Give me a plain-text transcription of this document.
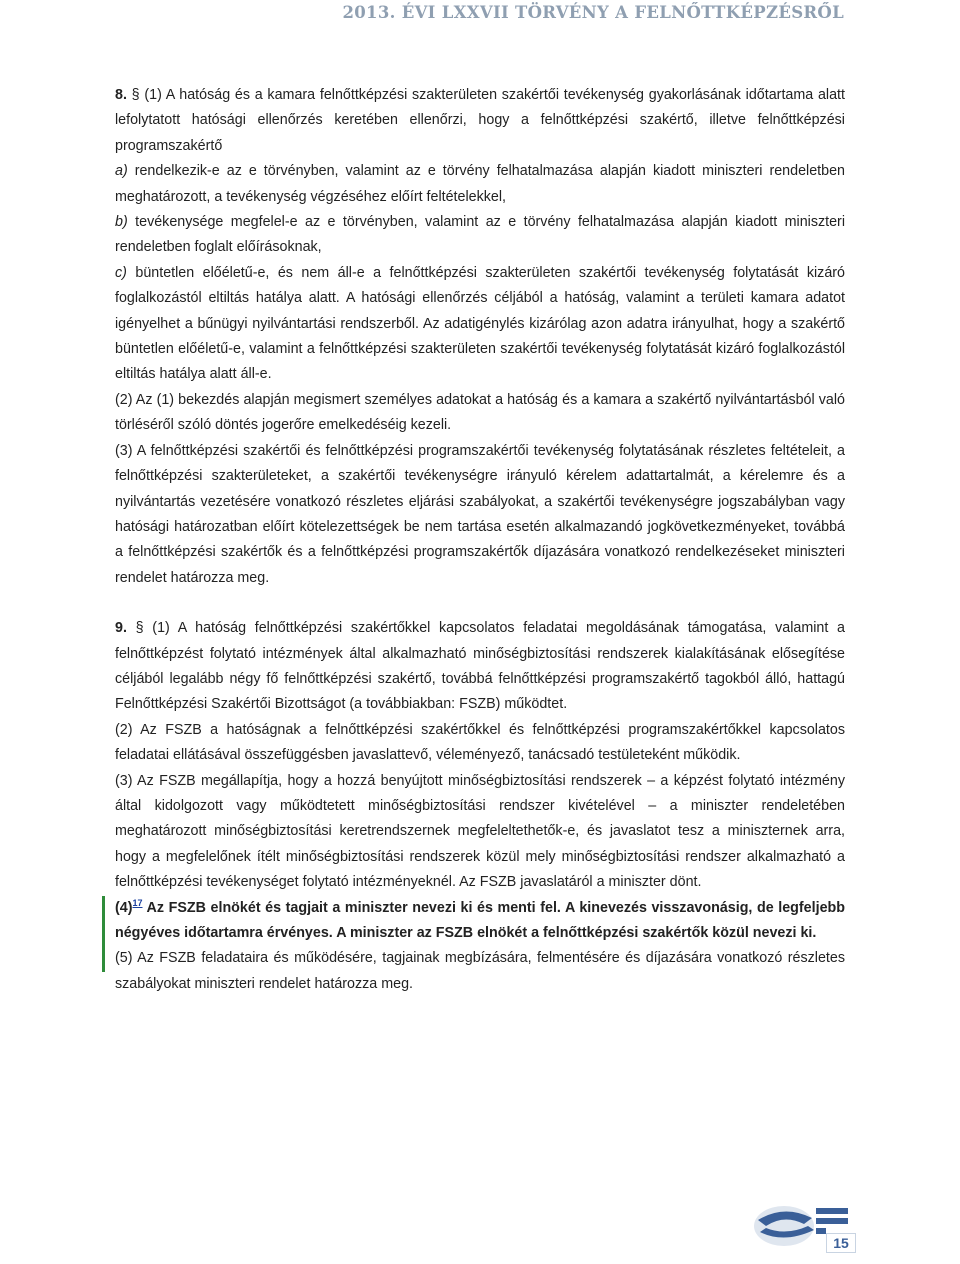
2013. ÉVI LXXVII TÖRVÉNY A FELNŐTTKÉPZÉSRŐL

8. § (1) A hatóság és a kamara felnőttképzési szakterületen szakértői tevékenység gyakorlásának időtartama alatt lefolytatott hatósági ellenőrzés keretében ellenőrzi, hogy a felnőttképzési szakértő, illetve felnőttképzési programszakértő

a) rendelkezik-e az e törvényben, valamint az e törvény felhatalmazása alapján kiadott miniszteri rendeletben meghatározott, a tevékenység végzéséhez előírt feltételekkel,

b) tevékenysége megfelel-e az e törvényben, valamint az e törvény felhatalmazása alapján kiadott miniszteri rendeletben foglalt előírásoknak,

c) büntetlen előéletű-e, és nem áll-e a felnőttképzési szakterületen szakértői tevékenység folytatását kizáró foglalkozástól eltiltás hatálya alatt. A hatósági ellenőrzés céljából a hatóság, valamint a területi kamara adatot igényelhet a bűnügyi nyilvántartási rendszerből. Az adatigénylés kizárólag azon adatra irányulhat, hogy a szakértő büntetlen előéletű-e, valamint a felnőttképzési szakterületen szakértői tevékenység folytatását kizáró foglalkozástól eltiltás hatálya alatt áll-e.

(2) Az (1) bekezdés alapján megismert személyes adatokat a hatóság és a kamara a szakértő nyilvántartásból való törléséről szóló döntés jogerőre emelkedéséig kezeli.

(3) A felnőttképzési szakértői és felnőttképzési programszakértői tevékenység folytatásának részletes feltételeit, a felnőttképzési szakterületeket, a szakértői tevékenységre irányuló kérelem adattartalmát, a kérelemre és a nyilvántartás vezetésére vonatkozó részletes eljárási szabályokat, a szakértői tevékenységre jogszabályban vagy hatósági határozatban előírt kötelezettségek be nem tartása esetén alkalmazandó jogkövetkezményeket, továbbá a felnőttképzési szakértők és a felnőttképzési programszakértők díjazására vonatkozó rendelkezéseket miniszteri rendelet határozza meg.

9. § (1) A hatóság felnőttképzési szakértőkkel kapcsolatos feladatai megoldásának támogatása, valamint a felnőttképzést folytató intézmények által alkalmazható minőségbiztosítási rendszerek kialakításának elősegítése céljából legalább négy fő felnőttképzési szakértő, továbbá felnőttképzési programszakértő tagokból álló, hattagú Felnőttképzési Szakértői Bizottságot (a továbbiakban: FSZB) működtet.

(2) Az FSZB a hatóságnak a felnőttképzési szakértőkkel és felnőttképzési programszakértőkkel kapcsolatos feladatai ellátásával összefüggésben javaslattevő, véleményező, tanácsadó testületeként működik.

(3) Az FSZB megállapítja, hogy a hozzá benyújtott minőségbiztosítási rendszerek – a képzést folytató intézmény által kidolgozott vagy működtetett minőségbiztosítási rendszer kivételével – a miniszter rendeletében meghatározott minőségbiztosítási keretrendszernek megfeleltethetők-e, és javaslatot tesz a miniszternek arra, hogy a megfelelőnek ítélt minőségbiztosítási rendszerek közül mely minőségbiztosítási rendszer alkalmazható a felnőttképzési tevékenységet folytató intézményeknél. Az FSZB javaslatáról a miniszter dönt.

(4)$^{17}$ Az FSZB elnökét és tagjait a miniszter nevezi ki és menti fel. A kinevezés visszavonásig, de legfeljebb négyéves időtartamra érvényes. A miniszter az FSZB elnökét a felnőttképzési szakértők közül nevezi ki.

(5) Az FSZB feladataira és működésére, tagjainak megbízására, felmentésére és díjazására vonatkozó részletes szabályokat miniszteri rendelet határozza meg.

15
